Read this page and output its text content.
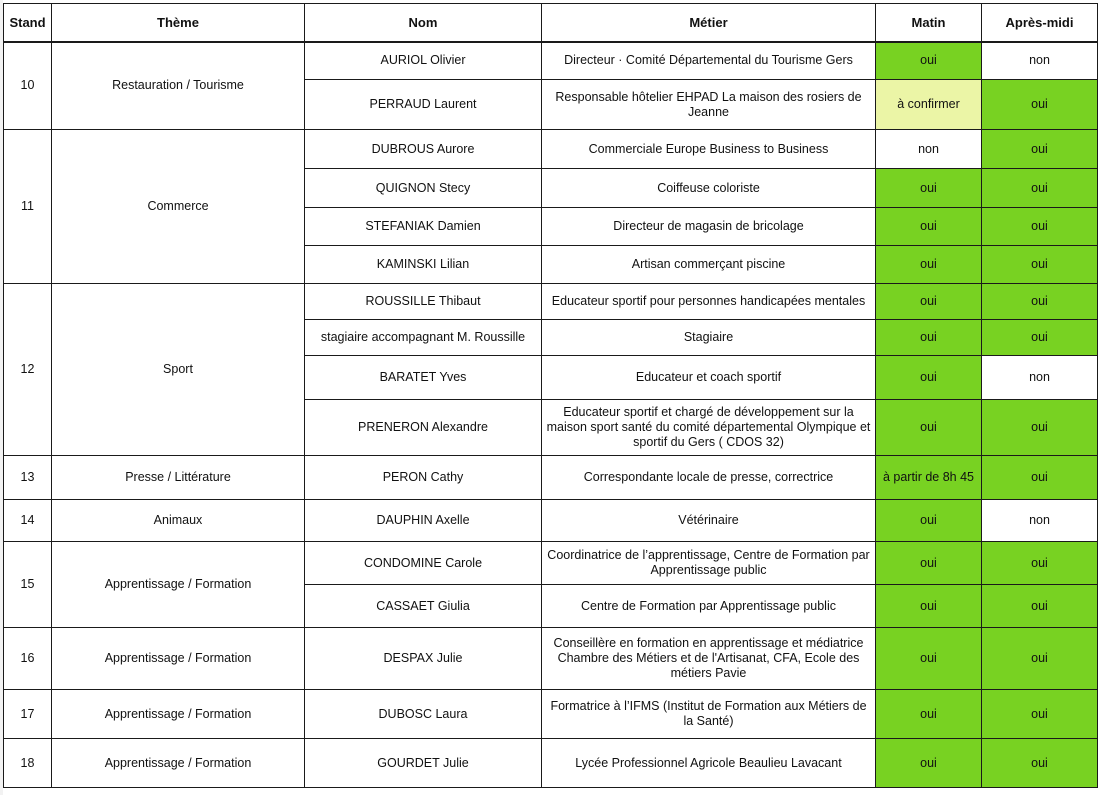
Stand	Thème	Nom	Métier	Matin	Après-midi
10	Restauration / Tourisme	AURIOL Olivier	Directeur · Comité Départemental du Tourisme Gers	oui	non
		PERRAUD Laurent	Responsable hôtelier EHPAD La maison des rosiers de Jeanne	à confirmer	oui
11	Commerce	DUBROUS Aurore	Commerciale Europe Business to Business	non	oui
		QUIGNON Stecy	Coiffeuse coloriste	oui	oui
		STEFANIAK Damien	Directeur de magasin de bricolage	oui	oui
		KAMINSKI Lilian	Artisan commerçant piscine	oui	oui
12	Sport	ROUSSILLE Thibaut	Educateur sportif pour personnes handicapées mentales	oui	oui
		stagiaire accompagnant M. Roussille	Stagiaire	oui	oui
		BARATET Yves	Educateur et coach sportif	oui	non
		PRENERON Alexandre	Educateur sportif et chargé de développement sur la maison sport santé du comité départemental Olympique et sportif du Gers ( CDOS 32)	oui	oui
13	Presse / Littérature	PERON Cathy	Correspondante locale de presse, correctrice	à partir de 8h 45	oui
14	Animaux	DAUPHIN Axelle	Vétérinaire	oui	non
15	Apprentissage / Formation	CONDOMINE Carole	Coordinatrice de l’apprentissage, Centre de Formation par Apprentissage public	oui	oui
		CASSAET Giulia	Centre de Formation par Apprentissage public	oui	oui
16	Apprentissage / Formation	DESPAX Julie	Conseillère en formation en apprentissage et médiatrice Chambre des Métiers et de l'Artisanat, CFA, Ecole des métiers Pavie	oui	oui
17	Apprentissage / Formation	DUBOSC Laura	Formatrice à l’IFMS (Institut de Formation aux Métiers de la Santé)	oui	oui
18	Apprentissage / Formation	GOURDET Julie	Lycée Professionnel Agricole Beaulieu Lavacant	oui	oui
